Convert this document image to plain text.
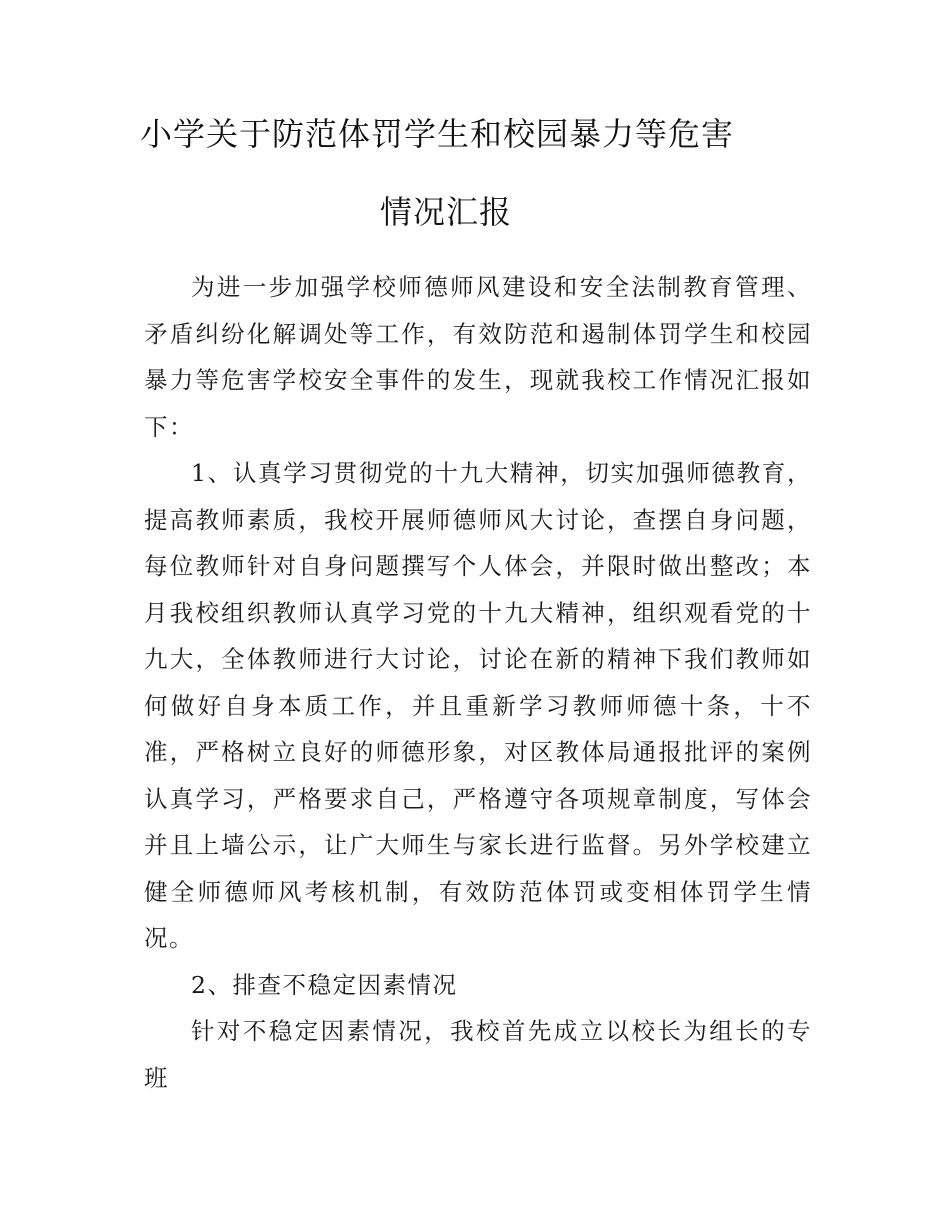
小学关于防范体罚学生和校园暴力等危害
情况汇报

为进一步加强学校师德师风建设和安全法制教育管理、矛盾纠纷化解调处等工作，有效防范和遏制体罚学生和校园暴力等危害学校安全事件的发生，现就我校工作情况汇报如下：

1、认真学习贯彻党的十九大精神，切实加强师德教育，提高教师素质，我校开展师德师风大讨论，查摆自身问题，每位教师针对自身问题撰写个人体会，并限时做出整改；本月我校组织教师认真学习党的十九大精神，组织观看党的十九大，全体教师进行大讨论，讨论在新的精神下我们教师如何做好自身本质工作，并且重新学习教师师德十条，十不准，严格树立良好的师德形象，对区教体局通报批评的案例认真学习，严格要求自己，严格遵守各项规章制度，写体会并且上墙公示，让广大师生与家长进行监督。另外学校建立健全师德师风考核机制，有效防范体罚或变相体罚学生情况。

2、排查不稳定因素情况

针对不稳定因素情况，我校首先成立以校长为组长的专班
